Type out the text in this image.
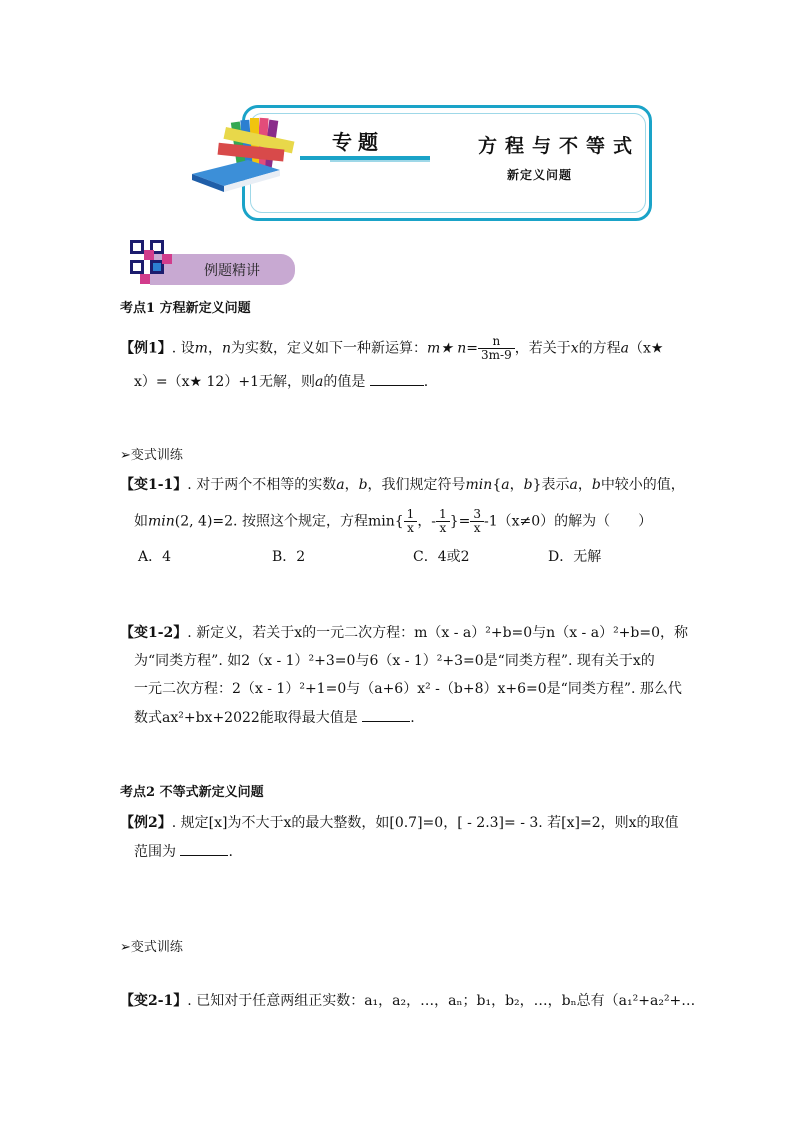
专题	方程与不等式
新定义问题
例题精讲
考点1 方程新定义问题
【例1】. 设m，n为实数，定义如下一种新运算：m★ $n= \frac{n}{3m-9}$ ，若关于x的方程a（x★
x）=（x★ 12）+1无解，则a的值是	.
➢变式训练
【变1-1】. 对于两个不相等的实数a，b，我们规定符号min{a，b}表示a，b中较小的值，
如min(2, 4)=2. 按照这个规定，方程$\min\{ \frac{1}{x}$ ，- $\frac{1}{x}$ }= $\frac{3}{x} -1(x\ne 0)$的解为（　　）
A．4	B．2	C．4或2	D．无解
【变1-2】. 新定义，若关于x的一元二次方程：m（x - a）²+b=0与n（x - a）²+b=0，称
为“同类方程”. 如2（x - 1）²+3=0与6（x - 1）²+3=0是“同类方程”. 现有关于x的
一元二次方程：2（x - 1）²+1=0与（a+6）x² -（b+8）x+6=0是“同类方程”. 那么代
数式ax²+bx+2022能取得最大值是	.
考点2 不等式新定义问题
【例2】. 规定[x]为不大于x的最大整数，如[0.7]=0，[ - 2.3]= - 3. 若[x]=2，则x的取值
范围为	.
➢变式训练
【变2-1】. 已知对于任意两组正实数：a₁，a₂，…，aₙ；b₁，b₂，…，bₙ总有（a₁²+a₂²+…
